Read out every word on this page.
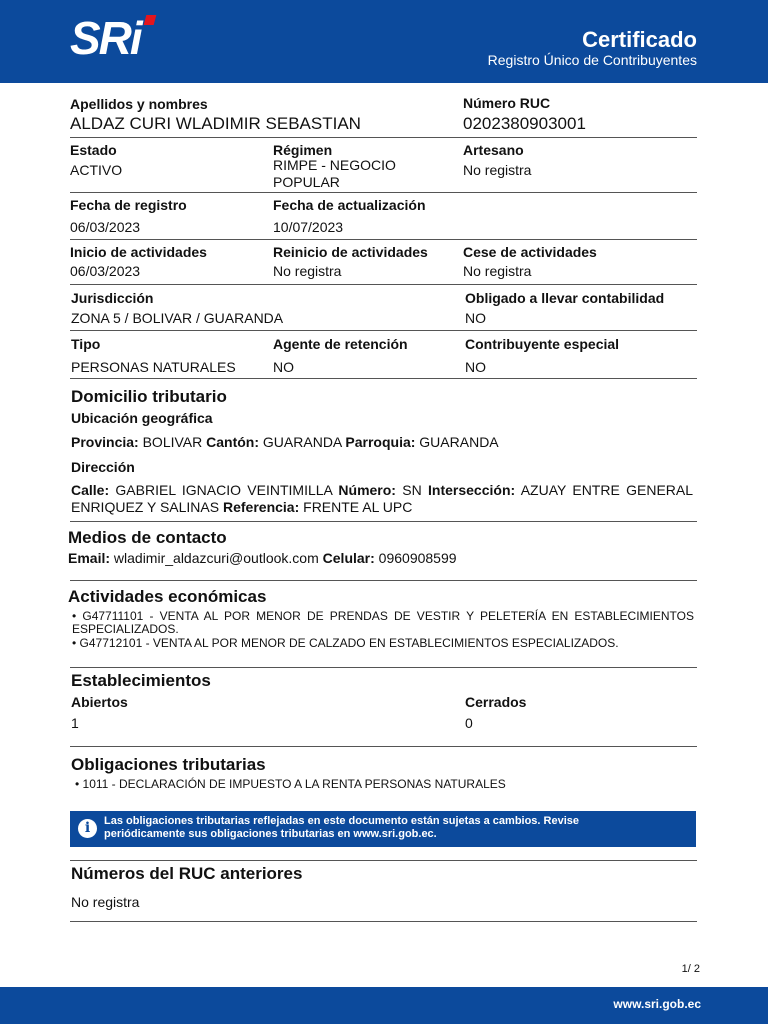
SRi	Certificado
Registro Único de Contribuyentes
Apellidos y nombres
ALDAZ CURI WLADIMIR SEBASTIAN
Número RUC
0202380903001
Estado
ACTIVO
Régimen
RIMPE - NEGOCIO
POPULAR
Artesano
No registra
Fecha de registro
06/03/2023
Fecha de actualización
10/07/2023
Inicio de actividades
06/03/2023
Reinicio de actividades
No registra
Cese de actividades
No registra
Jurisdicción
ZONA 5 / BOLIVAR / GUARANDA
Obligado a llevar contabilidad
NO
Tipo
PERSONAS NATURALES
Agente de retención
NO
Contribuyente especial
NO
Domicilio tributario
Ubicación geográfica
Provincia: BOLIVAR Cantón: GUARANDA Parroquia: GUARANDA
Dirección
Calle: GABRIEL IGNACIO VEINTIMILLA Número: SN Intersección: AZUAY ENTRE GENERAL ENRIQUEZ Y SALINAS Referencia: FRENTE AL UPC
Medios de contacto
Email: wladimir_aldazcuri@outlook.com Celular: 0960908599
Actividades económicas
• G47711101 - VENTA AL POR MENOR DE PRENDAS DE VESTIR Y PELETERÍA EN ESTABLECIMIENTOS ESPECIALIZADOS.
• G47712101 - VENTA AL POR MENOR DE CALZADO EN ESTABLECIMIENTOS ESPECIALIZADOS.
Establecimientos
Abiertos
1
Cerrados
0
Obligaciones tributarias
• 1011 - DECLARACIÓN DE IMPUESTO A LA RENTA PERSONAS NATURALES
i	Las obligaciones tributarias reflejadas en este documento están sujetas a cambios. Revise
periódicamente sus obligaciones tributarias en www.sri.gob.ec.
Números del RUC anteriores
No registra
1/ 2
www.sri.gob.ec
